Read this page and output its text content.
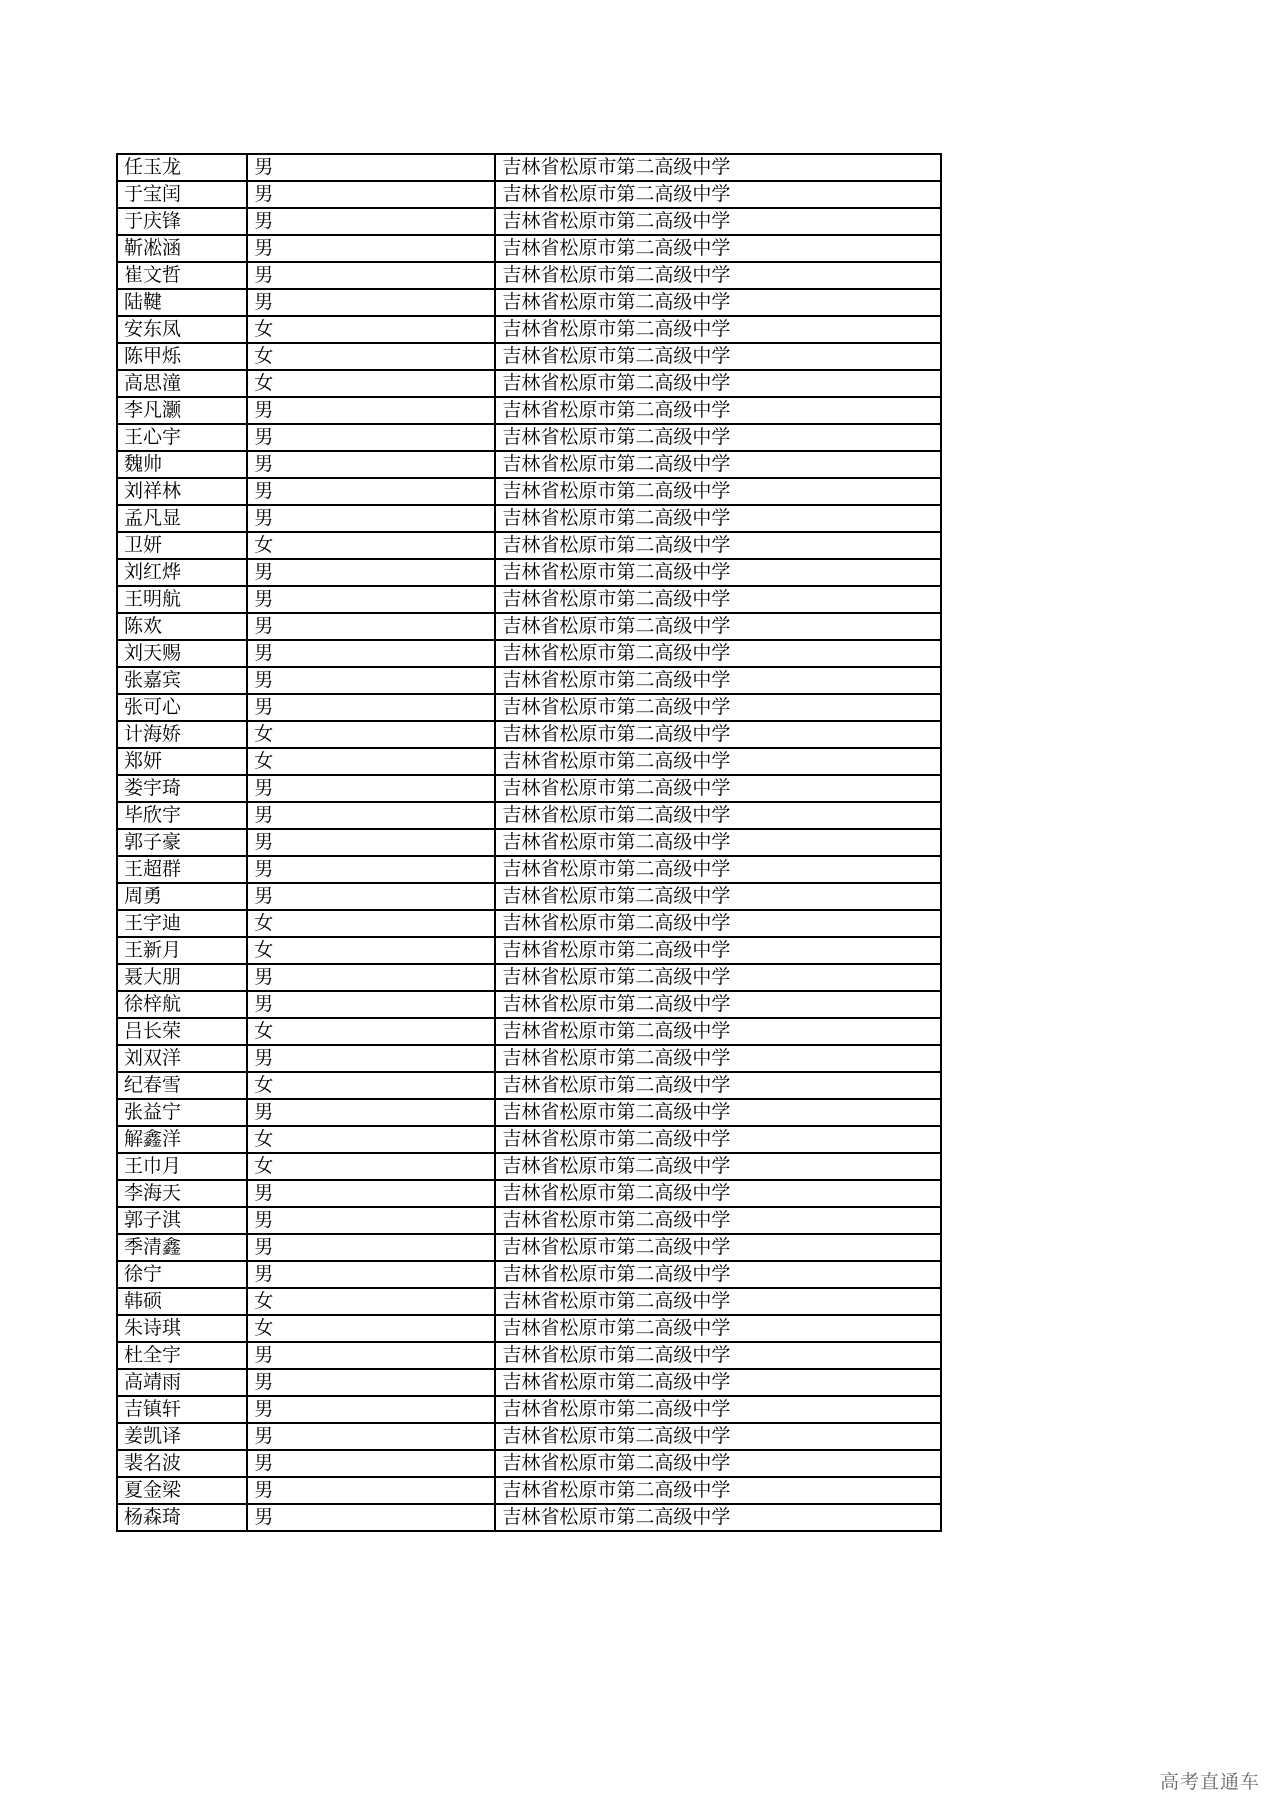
任玉龙	男	吉林省松原市第二高级中学
于宝闰	男	吉林省松原市第二高级中学
于庆锋	男	吉林省松原市第二高级中学
靳凇涵	男	吉林省松原市第二高级中学
崔文哲	男	吉林省松原市第二高级中学
陆鞬	男	吉林省松原市第二高级中学
安东凤	女	吉林省松原市第二高级中学
陈甲烁	女	吉林省松原市第二高级中学
高思潼	女	吉林省松原市第二高级中学
李凡灏	男	吉林省松原市第二高级中学
王心宇	男	吉林省松原市第二高级中学
魏帅	男	吉林省松原市第二高级中学
刘祥林	男	吉林省松原市第二高级中学
孟凡显	男	吉林省松原市第二高级中学
卫妍	女	吉林省松原市第二高级中学
刘红烨	男	吉林省松原市第二高级中学
王明航	男	吉林省松原市第二高级中学
陈欢	男	吉林省松原市第二高级中学
刘天赐	男	吉林省松原市第二高级中学
张嘉宾	男	吉林省松原市第二高级中学
张可心	男	吉林省松原市第二高级中学
计海娇	女	吉林省松原市第二高级中学
郑妍	女	吉林省松原市第二高级中学
娄宇琦	男	吉林省松原市第二高级中学
毕欣宇	男	吉林省松原市第二高级中学
郭子豪	男	吉林省松原市第二高级中学
王超群	男	吉林省松原市第二高级中学
周勇	男	吉林省松原市第二高级中学
王宇迪	女	吉林省松原市第二高级中学
王新月	女	吉林省松原市第二高级中学
聂大朋	男	吉林省松原市第二高级中学
徐梓航	男	吉林省松原市第二高级中学
吕长荣	女	吉林省松原市第二高级中学
刘双洋	男	吉林省松原市第二高级中学
纪春雪	女	吉林省松原市第二高级中学
张益宁	男	吉林省松原市第二高级中学
解鑫洋	女	吉林省松原市第二高级中学
王巾月	女	吉林省松原市第二高级中学
李海天	男	吉林省松原市第二高级中学
郭子淇	男	吉林省松原市第二高级中学
季清鑫	男	吉林省松原市第二高级中学
徐宁	男	吉林省松原市第二高级中学
韩硕	女	吉林省松原市第二高级中学
朱诗琪	女	吉林省松原市第二高级中学
杜全宇	男	吉林省松原市第二高级中学
高靖雨	男	吉林省松原市第二高级中学
吉镇轩	男	吉林省松原市第二高级中学
姜凯译	男	吉林省松原市第二高级中学
裴名波	男	吉林省松原市第二高级中学
夏金梁	男	吉林省松原市第二高级中学
杨森琦	男	吉林省松原市第二高级中学
高考直通车
